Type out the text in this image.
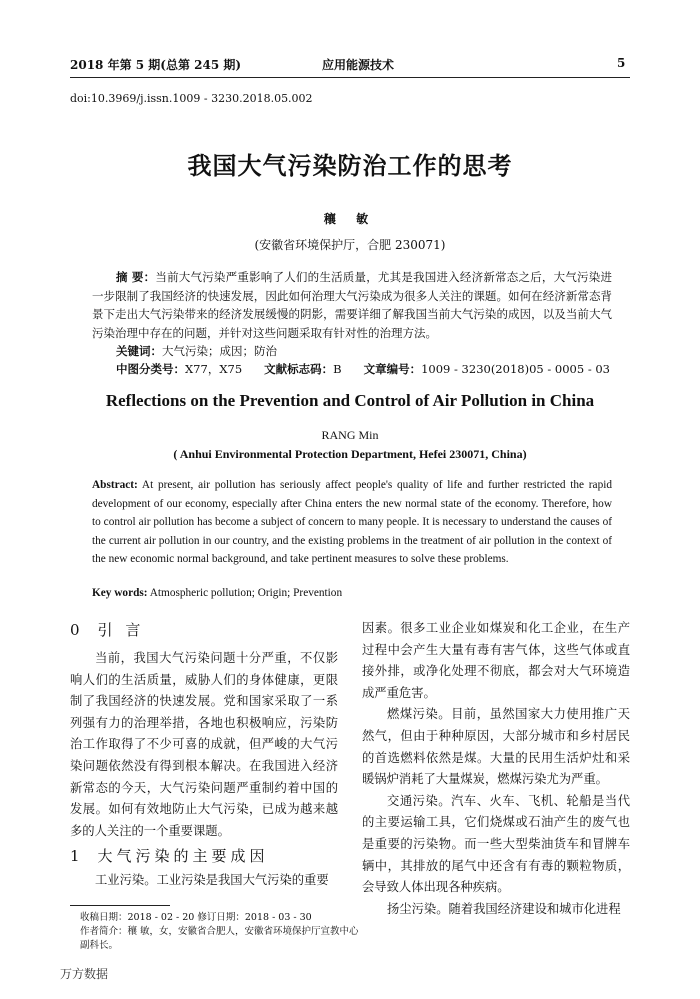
2018 年第 5 期(总第 245 期)	应用能源技术	5
doi:10.3969/j.issn.1009 - 3230.2018.05.002
我国大气污染防治工作的思考
穰 敏
(安徽省环境保护厅，合肥 230071)
摘 要：当前大气污染严重影响了人们的生活质量，尤其是我国进入经济新常态之后，大气污染进一步限制了我国经济的快速发展，因此如何治理大气污染成为很多人关注的课题。如何在经济新常态背景下走出大气污染带来的经济发展缓慢的阴影，需要详细了解我国当前大气污染的成因，以及当前大气污染治理中存在的问题，并针对这些问题采取有针对性的治理方法。
关键词：大气污染；成因；防治
中图分类号：X77，X75 文献标志码：B 文章编号：1009 - 3230(2018)05 - 0005 - 03
Reflections on the Prevention and Control of Air Pollution in China
RANG Min
( Anhui Environmental Protection Department, Hefei 230071, China)
Abstract: At present, air pollution has seriously affect people's quality of life and further restricted the rapid development of our economy, especially after China enters the new normal state of the economy. Therefore, how to control air pollution has become a subject of concern to many people. It is necessary to understand the causes of the current air pollution in our country, and the existing problems in the treatment of air pollution in the context of the new economic normal background, and take pertinent measures to solve these problems.
Key words: Atmospheric pollution; Origin; Prevention
0 引 言

当前，我国大气污染问题十分严重，不仅影响人们的生活质量，威胁人们的身体健康，更限制了我国经济的快速发展。党和国家采取了一系列强有力的治理举措，各地也积极响应，污染防治工作取得了不少可喜的成就，但严峻的大气污染问题依然没有得到根本解决。在我国进入经济新常态的今天，大气污染问题严重制约着中国的发展。如何有效地防止大气污染，已成为越来越多的人关注的一个重要课题。

1 大气污染的主要成因

工业污染。工业污染是我国大气污染的重要

因素。很多工业企业如煤炭和化工企业，在生产过程中会产生大量有毒有害气体，这些气体或直接外排，或净化处理不彻底，都会对大气环境造成严重危害。

燃煤污染。目前，虽然国家大力使用推广天然气，但由于种种原因，大部分城市和乡村居民的首选燃料依然是煤。大量的民用生活炉灶和采暖锅炉消耗了大量煤炭，燃煤污染尤为严重。

交通污染。汽车、火车、飞机、轮船是当代的主要运输工具，它们烧煤或石油产生的废气也是重要的污染物。而一些大型柴油货车和冒牌车辆中，其排放的尾气中还含有有毒的颗粒物质，会导致人体出现各种疾病。

扬尘污染。随着我国经济建设和城市化进程

收稿日期：2018 - 02 - 20 修订日期：2018 - 03 - 30
作者简介：穰 敏，女，安徽省合肥人，安徽省环境保护厅宣教中心副科长。
万方数据
